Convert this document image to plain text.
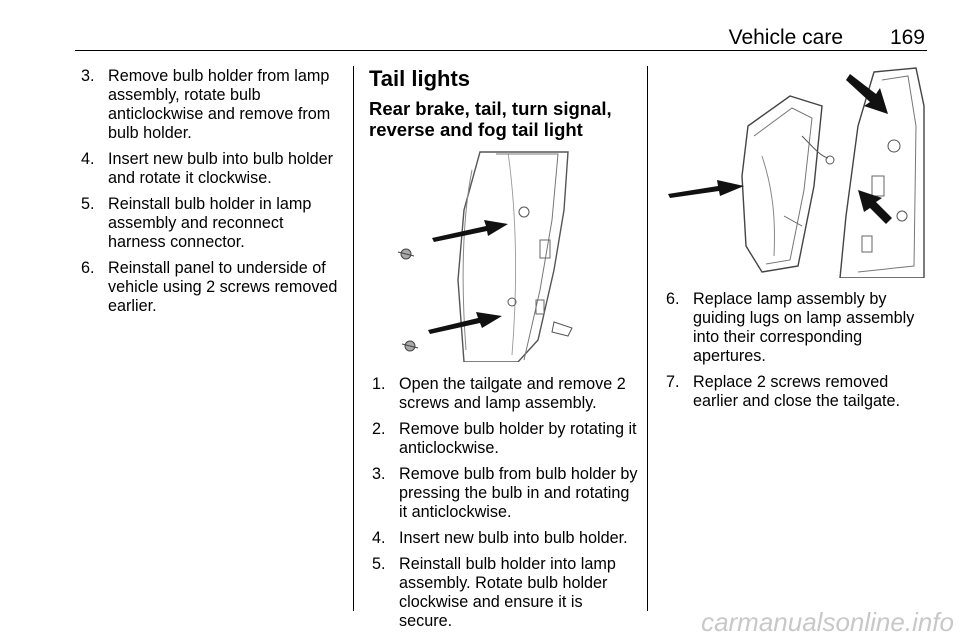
Vehicle care 169
3. Remove bulb holder from lamp assembly, rotate bulb anticlockwise and remove from bulb holder.
4. Insert new bulb into bulb holder and rotate it clockwise.
5. Reinstall bulb holder in lamp assembly and reconnect harness connector.
6. Reinstall panel to underside of vehicle using 2 screws removed earlier.
Tail lights
Rear brake, tail, turn signal, reverse and fog tail light
1. Open the tailgate and remove 2 screws and lamp assembly.
2. Remove bulb holder by rotating it anticlockwise.
3. Remove bulb from bulb holder by pressing the bulb in and rotating it anticlockwise.
4. Insert new bulb into bulb holder.
5. Reinstall bulb holder into lamp assembly. Rotate bulb holder clockwise and ensure it is secure.
6. Replace lamp assembly by guiding lugs on lamp assembly into their corresponding apertures.
7. Replace 2 screws removed earlier and close the tailgate.
carmanualsonline.info
